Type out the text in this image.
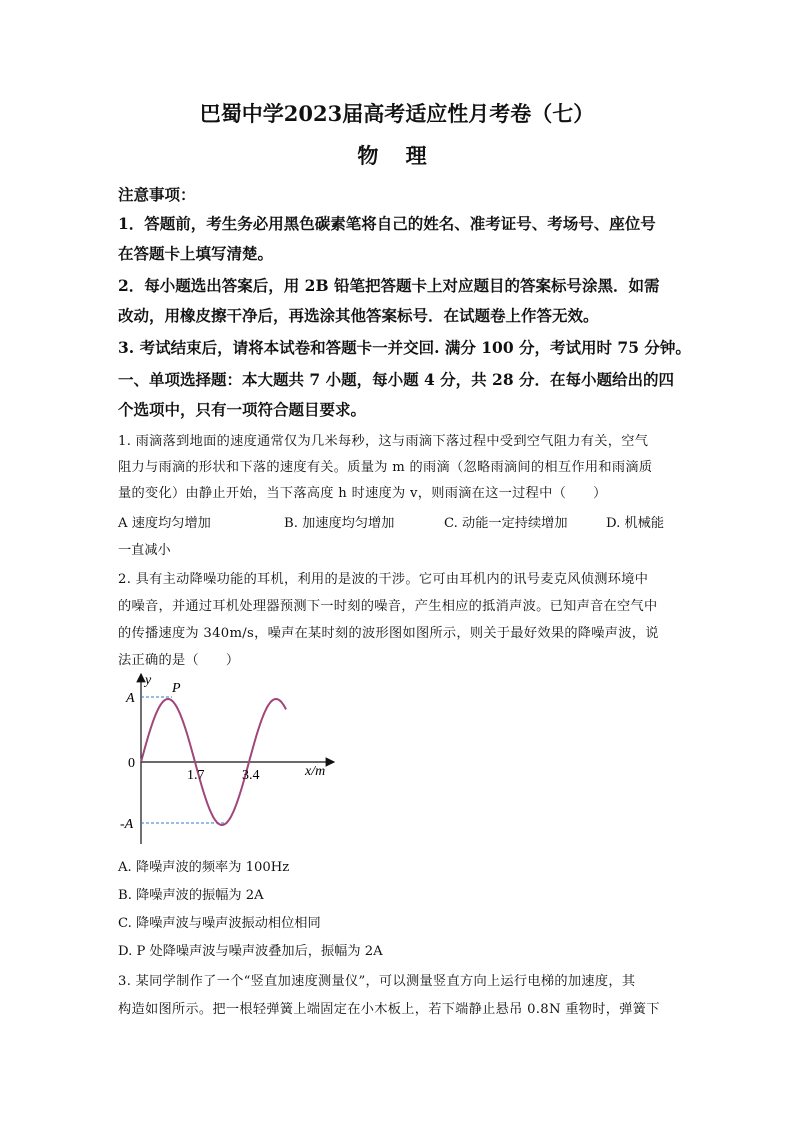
巴蜀中学2023届高考适应性月考卷（七）
物 理
注意事项：
1．答题前，考生务必用黑色碳素笔将自己的姓名、准考证号、考场号、座位号
在答题卡上填写清楚。
2．每小题选出答案后，用 2B 铅笔把答题卡上对应题目的答案标号涂黑．如需
改动，用橡皮擦干净后，再选涂其他答案标号．在试题卷上作答无效。
3. 考试结束后，请将本试卷和答题卡一并交回. 满分 100 分，考试用时 75 分钟。
一、单项选择题：本大题共 7 小题，每小题 4 分，共 28 分．在每小题给出的四
个选项中，只有一项符合题目要求。
1. 雨滴落到地面的速度通常仅为几米每秒，这与雨滴下落过程中受到空气阻力有关，空气
阻力与雨滴的形状和下落的速度有关。质量为 m 的雨滴（忽略雨滴间的相互作用和雨滴质
量的变化）由静止开始，当下落高度 h 时速度为 v，则雨滴在这一过程中（　　）
A 速度均匀增加	B. 加速度均匀增加	C. 动能一定持续增加	D. 机械能
一直减小
2. 具有主动降噪功能的耳机，利用的是波的干涉。它可由耳机内的讯号麦克风侦测环境中
的噪音，并通过耳机处理器预测下一时刻的噪音，产生相应的抵消声波。已知声音在空气中
的传播速度为 340m/s，噪声在某时刻的波形图如图所示，则关于最好效果的降噪声波，说
法正确的是（　　）
y
P
A
-A
0
1.7	3.4	x/m
A. 降噪声波的频率为 100Hz
B. 降噪声波的振幅为 2A
C. 降噪声波与噪声波振动相位相同
D. P 处降噪声波与噪声波叠加后，振幅为 2A
3. 某同学制作了一个“竖直加速度测量仪”，可以测量竖直方向上运行电梯的加速度，其
构造如图所示。把一根轻弹簧上端固定在小木板上，若下端静止悬吊 0.8N 重物时，弹簧下
